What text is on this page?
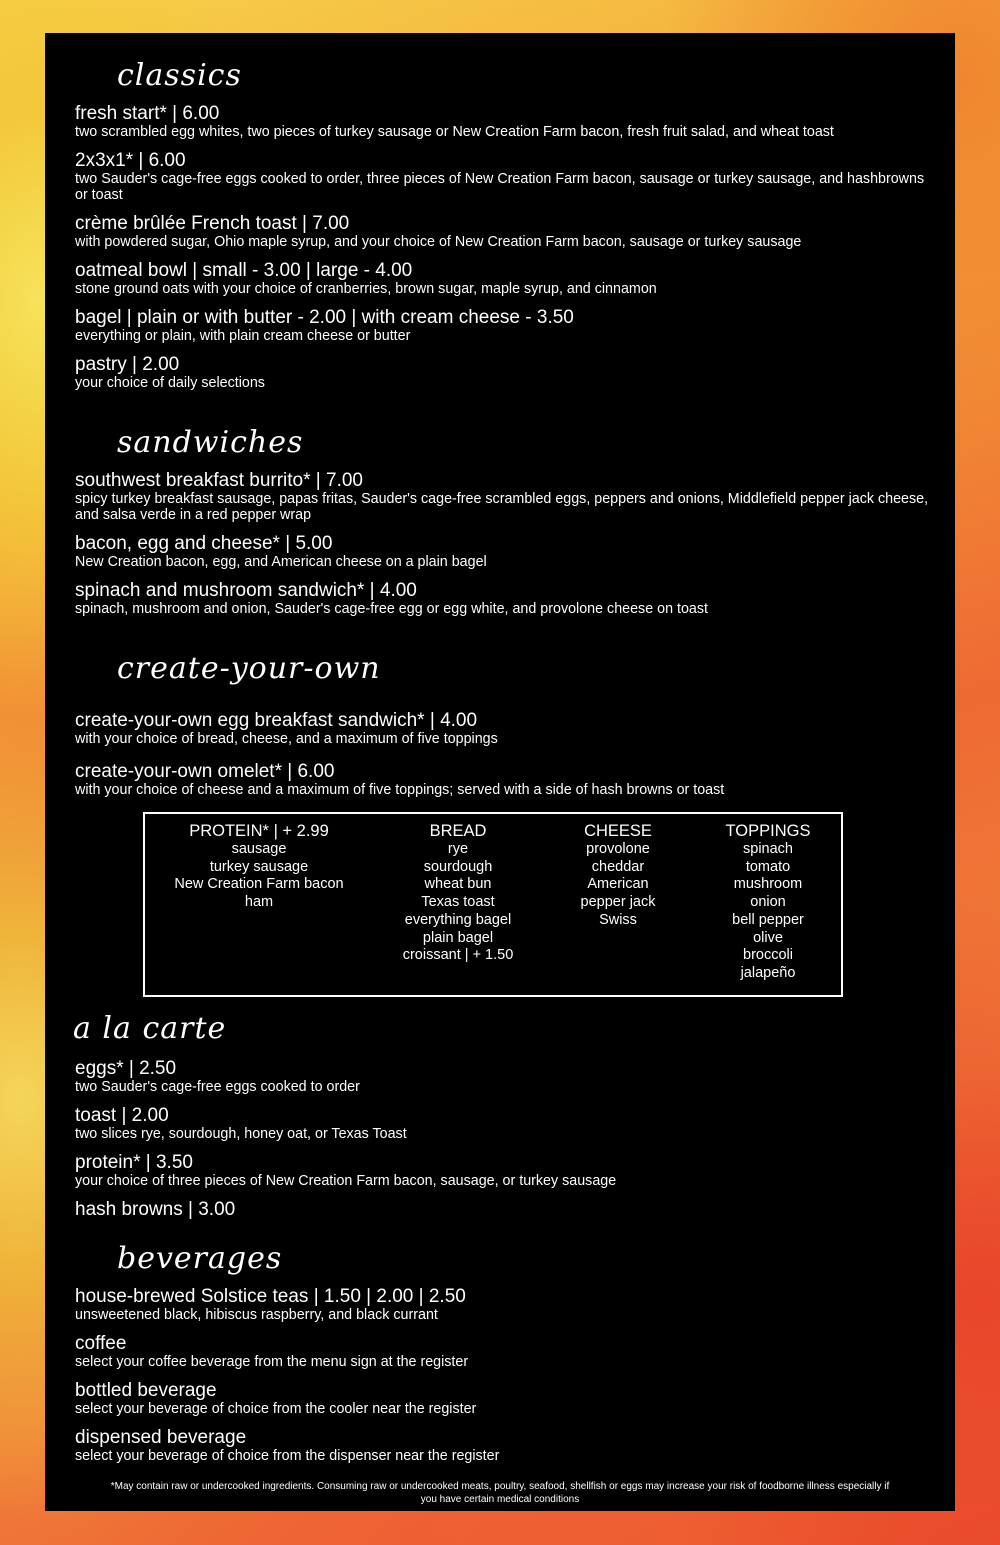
classics
fresh start* | 6.00
two scrambled egg whites, two pieces of turkey sausage or New Creation Farm bacon, fresh fruit salad, and wheat toast
2x3x1* | 6.00
two Sauder's cage-free eggs cooked to order, three pieces of New Creation Farm bacon, sausage or turkey sausage, and hashbrowns or toast
crème brûlée French toast | 7.00
with powdered sugar, Ohio maple syrup, and your choice of New Creation Farm bacon, sausage or turkey sausage
oatmeal bowl | small - 3.00 | large - 4.00
stone ground oats with your choice of cranberries, brown sugar, maple syrup, and cinnamon
bagel | plain or with butter - 2.00 | with cream cheese - 3.50
everything or plain, with plain cream cheese or butter
pastry | 2.00
your choice of daily selections
sandwiches
southwest breakfast burrito* | 7.00
spicy turkey breakfast sausage, papas fritas, Sauder's cage-free scrambled eggs, peppers and onions, Middlefield pepper jack cheese, and salsa verde in a red pepper wrap
bacon, egg and cheese* | 5.00
New Creation bacon, egg, and American cheese on a plain bagel
spinach and mushroom sandwich* | 4.00
spinach, mushroom and onion, Sauder's cage-free egg or egg white, and provolone cheese on toast
create-your-own
create-your-own egg breakfast sandwich* | 4.00
with your choice of bread, cheese, and a maximum of five toppings
create-your-own omelet* | 6.00
with your choice of cheese and a maximum of five toppings; served with a side of hash browns or toast
PROTEIN* | + 2.99
sausage
turkey sausage
New Creation Farm bacon
ham
BREAD
rye
sourdough
wheat bun
Texas toast
everything bagel
plain bagel
croissant | + 1.50
CHEESE
provolone
cheddar
American
pepper jack
Swiss
TOPPINGS
spinach
tomato
mushroom
onion
bell pepper
olive
broccoli
jalapeño
a la carte
eggs* | 2.50
two Sauder's cage-free eggs cooked to order
toast | 2.00
two slices rye, sourdough, honey oat, or Texas Toast
protein* | 3.50
your choice of three pieces of New Creation Farm bacon, sausage, or turkey sausage
hash browns | 3.00
beverages
house-brewed Solstice teas | 1.50 | 2.00 | 2.50
unsweetened black, hibiscus raspberry, and black currant
coffee
select your coffee beverage from the menu sign at the register
bottled beverage
select your beverage of choice from the cooler near the register
dispensed beverage
select your beverage of choice from the dispenser near the register
*May contain raw or undercooked ingredients. Consuming raw or undercooked meats, poultry, seafood, shellfish or eggs may increase your risk of foodborne illness especially if you have certain medical conditions
